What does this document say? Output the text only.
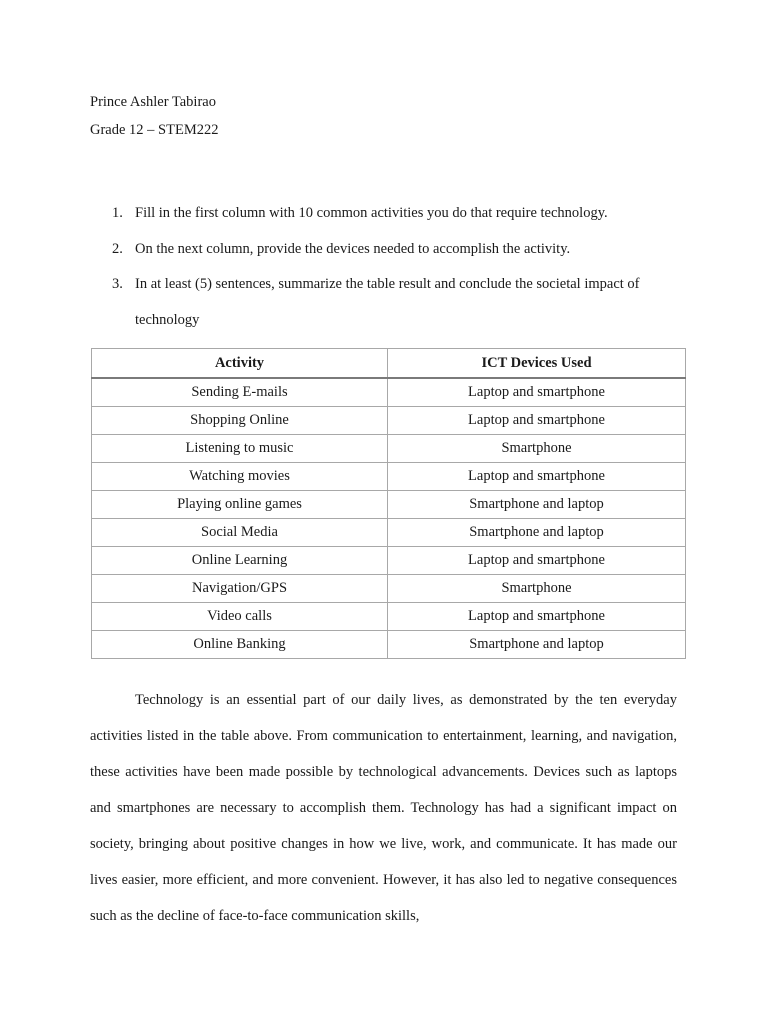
Prince Ashler Tabirao
Grade 12 – STEM222
1. Fill in the first column with 10 common activities you do that require technology.
2. On the next column, provide the devices needed to accomplish the activity.
3. In at least (5) sentences, summarize the table result and conclude the societal impact of technology
Activity	ICT Devices Used
Sending E-mails	Laptop and smartphone
Shopping Online	Laptop and smartphone
Listening to music	Smartphone
Watching movies	Laptop and smartphone
Playing online games	Smartphone and laptop
Social Media	Smartphone and laptop
Online Learning	Laptop and smartphone
Navigation/GPS	Smartphone
Video calls	Laptop and smartphone
Online Banking	Smartphone and laptop

Technology is an essential part of our daily lives, as demonstrated by the ten everyday activities listed in the table above. From communication to entertainment, learning, and navigation, these activities have been made possible by technological advancements. Devices such as laptops and smartphones are necessary to accomplish them. Technology has had a significant impact on society, bringing about positive changes in how we live, work, and communicate. It has made our lives easier, more efficient, and more convenient. However, it has also led to negative consequences such as the decline of face-to-face communication skills,
